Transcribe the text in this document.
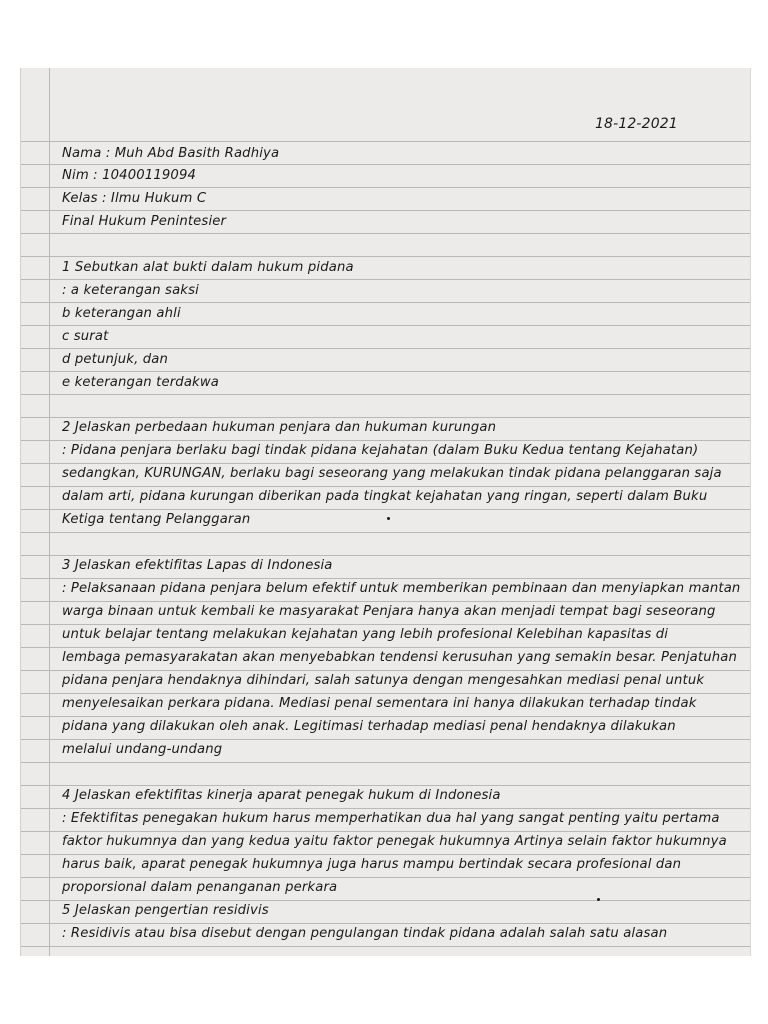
18-12-2021
Nama : Muh Abd Basith Radhiya
Nim : 10400119094
Kelas : Ilmu Hukum C
Final Hukum Penintesier
1 Sebutkan alat bukti dalam hukum pidana
: a keterangan saksi
b keterangan ahli
c surat
d petunjuk, dan
e keterangan terdakwa
2 Jelaskan perbedaan hukuman penjara dan hukuman kurungan
: Pidana penjara berlaku bagi tindak pidana kejahatan (dalam Buku Kedua tentang Kejahatan)
sedangkan, KURUNGAN, berlaku bagi seseorang yang melakukan tindak pidana pelanggaran saja
dalam arti, pidana kurungan diberikan pada tingkat kejahatan yang ringan, seperti dalam Buku
Ketiga tentang Pelanggaran
3 Jelaskan efektifitas Lapas di Indonesia
: Pelaksanaan pidana penjara belum efektif untuk memberikan pembinaan dan menyiapkan mantan
warga binaan untuk kembali ke masyarakat Penjara hanya akan menjadi tempat bagi seseorang
untuk belajar tentang melakukan kejahatan yang lebih profesional Kelebihan kapasitas di
lembaga pemasyarakatan akan menyebabkan tendensi kerusuhan yang semakin besar. Penjatuhan
pidana penjara hendaknya dihindari, salah satunya dengan mengesahkan mediasi penal untuk
menyelesaikan perkara pidana. Mediasi penal sementara ini hanya dilakukan terhadap tindak
pidana yang dilakukan oleh anak. Legitimasi terhadap mediasi penal hendaknya dilakukan
melalui undang-undang
4 Jelaskan efektifitas kinerja aparat penegak hukum di Indonesia
: Efektifitas penegakan hukum harus memperhatikan dua hal yang sangat penting yaitu pertama
faktor hukumnya dan yang kedua yaitu faktor penegak hukumnya Artinya selain faktor hukumnya
harus baik, aparat penegak hukumnya juga harus mampu bertindak secara profesional dan
proporsional dalam penanganan perkara
5 Jelaskan pengertian residivis
: Residivis atau bisa disebut dengan pengulangan tindak pidana adalah salah satu alasan
